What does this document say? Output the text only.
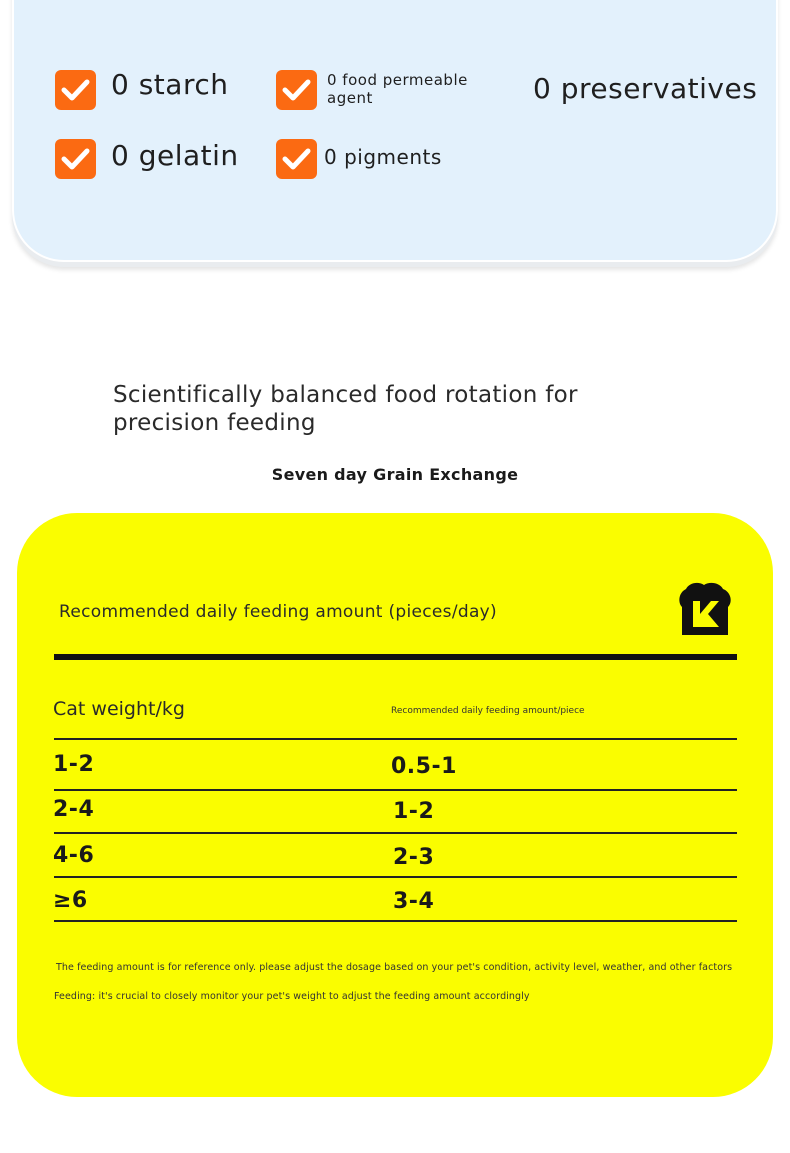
0 starch	0 food permeable agent	0 preservatives
0 gelatin	0 pigments
Scientifically balanced food rotation for precision feeding
Seven day Grain Exchange
Recommended daily feeding amount (pieces/day)
Cat weight/kg	Recommended daily feeding amount/piece
1-2	0.5-1
2-4	1-2
4-6	2-3
≥6	3-4
The feeding amount is for reference only. please adjust the dosage based on your pet's condition, activity level, weather, and other factors
Feeding: it's crucial to closely monitor your pet's weight to adjust the feeding amount accordingly
